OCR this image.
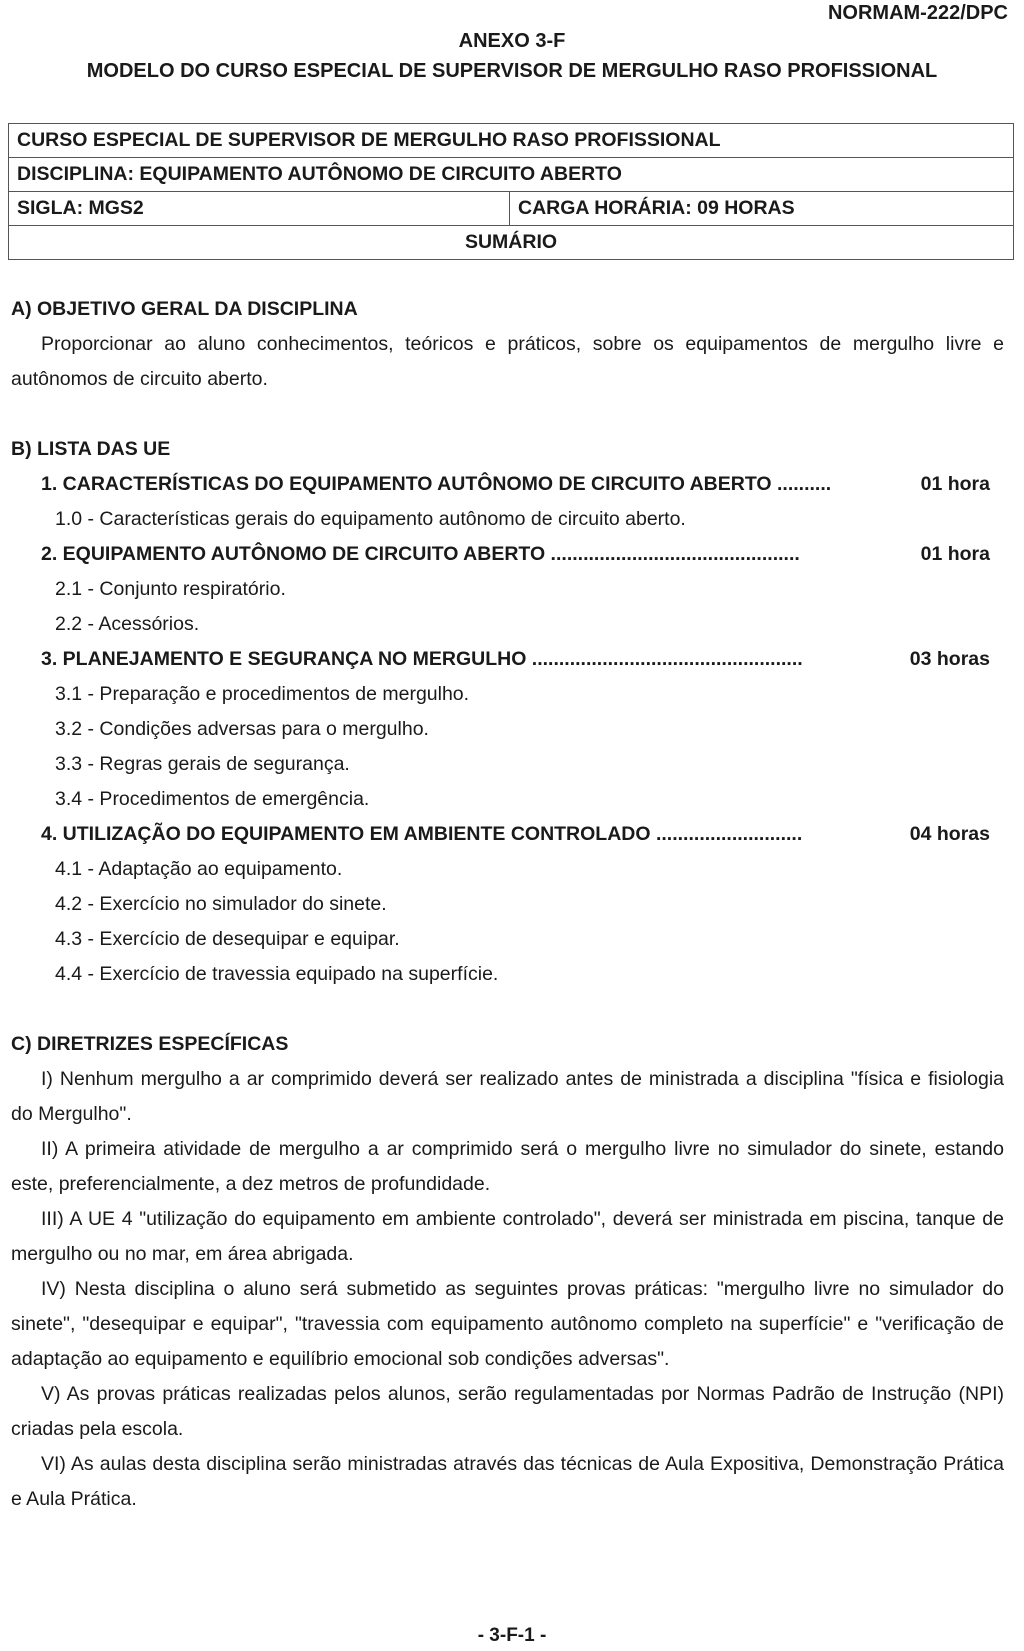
NORMAM-222/DPC
ANEXO 3-F
MODELO DO CURSO ESPECIAL DE SUPERVISOR DE MERGULHO RASO PROFISSIONAL
CURSO ESPECIAL DE SUPERVISOR DE MERGULHO RASO PROFISSIONAL
DISCIPLINA: EQUIPAMENTO AUTÔNOMO DE CIRCUITO ABERTO
SIGLA: MGS2	CARGA HORÁRIA: 09 HORAS
SUMÁRIO
A) OBJETIVO GERAL DA DISCIPLINA
Proporcionar ao aluno conhecimentos, teóricos e práticos, sobre os equipamentos de mergulho livre e autônomos de circuito aberto.
B) LISTA DAS UE
1. CARACTERÍSTICAS DO EQUIPAMENTO AUTÔNOMO DE CIRCUITO ABERTO ..........	01 hora
1.0 - Características gerais do equipamento autônomo de circuito aberto.
2. EQUIPAMENTO AUTÔNOMO DE CIRCUITO ABERTO ..............................................	01 hora
2.1 - Conjunto respiratório.
2.2 - Acessórios.
3. PLANEJAMENTO E SEGURANÇA NO MERGULHO ..................................................	03 horas
3.1 - Preparação e procedimentos de mergulho.
3.2 - Condições adversas para o mergulho.
3.3 - Regras gerais de segurança.
3.4 - Procedimentos de emergência.
4. UTILIZAÇÃO DO EQUIPAMENTO EM AMBIENTE CONTROLADO ...........................	04 horas
4.1 - Adaptação ao equipamento.
4.2 - Exercício no simulador do sinete.
4.3 - Exercício de desequipar e equipar.
4.4 - Exercício de travessia equipado na superfície.
C) DIRETRIZES ESPECÍFICAS
I) Nenhum mergulho a ar comprimido deverá ser realizado antes de ministrada a disciplina "física e fisiologia do Mergulho".
II) A primeira atividade de mergulho a ar comprimido será o mergulho livre no simulador do sinete, estando este, preferencialmente, a dez metros de profundidade.
III) A UE 4 "utilização do equipamento em ambiente controlado", deverá ser ministrada em piscina, tanque de mergulho ou no mar, em área abrigada.
IV) Nesta disciplina o aluno será submetido as seguintes provas práticas: "mergulho livre no simulador do sinete", "desequipar e equipar", "travessia com equipamento autônomo completo na superfície" e "verificação de adaptação ao equipamento e equilíbrio emocional sob condições adversas".
V) As provas práticas realizadas pelos alunos, serão regulamentadas por Normas Padrão de Instrução (NPI) criadas pela escola.
VI) As aulas desta disciplina serão ministradas através das técnicas de Aula Expositiva, Demonstração Prática e Aula Prática.
- 3-F-1 -
